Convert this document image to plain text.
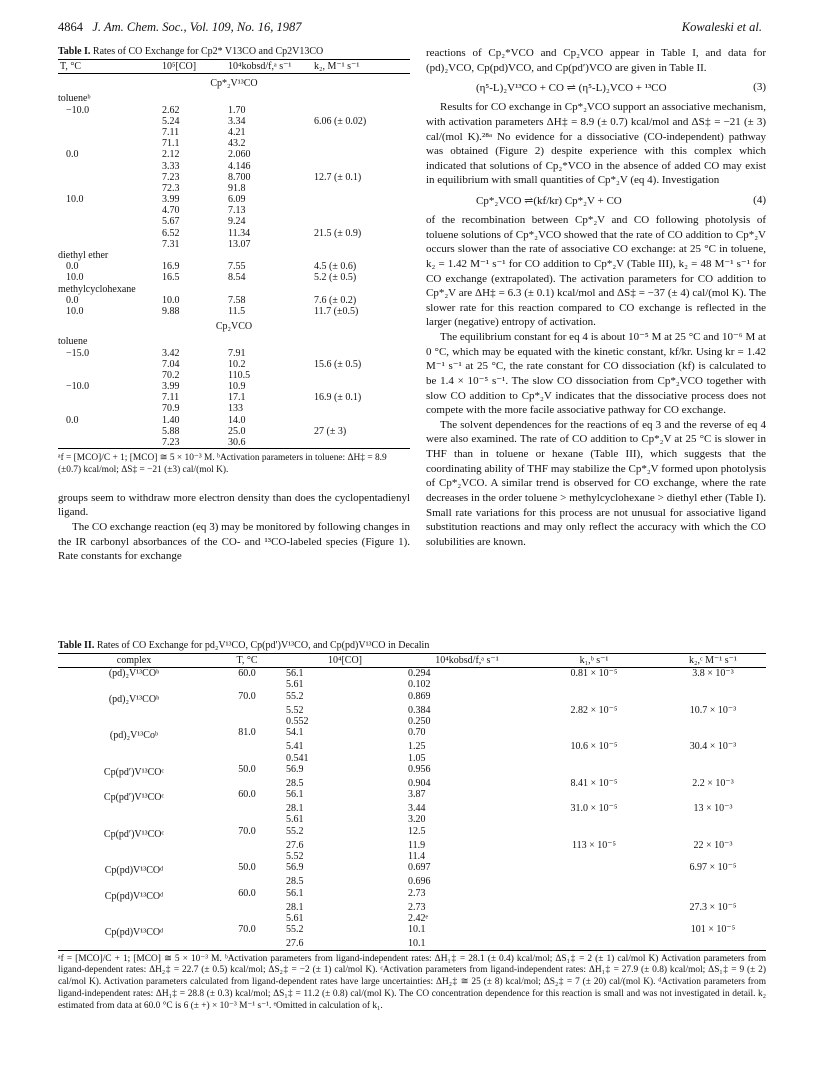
4864 J. Am. Chem. Soc., Vol. 109, No. 16, 1987	Kowaleski et al.

Table I. Rates of CO Exchange for Cp2* V13CO and Cp2V13CO

T, °C	10⁵[CO]	10⁴kobsd/f,ᵃ s⁻¹	k₂, M⁻¹ s⁻¹
Cp*₂V¹³CO			
tolueneᵇ			
−10.0	2.62	1.70	
	5.24	3.34	6.06 (± 0.02)
	7.11	4.21	
	71.1	43.2	
0.0	2.12	2.060	
	3.33	4.146	
	7.23	8.700	12.7 (± 0.1)
	72.3	91.8	
10.0	3.99	6.09	
	4.70	7.13	
	5.67	9.24	
	6.52	11.34	21.5 (± 0.9)
	7.31	13.07	
diethyl ether			
0.0	16.9	7.55	4.5 (± 0.6)
10.0	16.5	8.54	5.2 (± 0.5)
methylcyclohexane			
0.0	10.0	7.58	7.6 (± 0.2)
10.0	9.88	11.5	11.7 (±0.5)
Cp₂VCO			
toluene			
−15.0	3.42	7.91	
	7.04	10.2	15.6 (± 0.5)
	70.2	110.5	
−10.0	3.99	10.9	
	7.11	17.1	16.9 (± 0.1)
	70.9	133	
0.0	1.40	14.0	
	5.88	25.0	27 (± 3)
	7.23	30.6	
ᵃf = [MCO]/C + 1; [MCO] ≅ 5 × 10⁻³ M. ᵇActivation parameters in toluene: ΔH‡ = 8.9 (±0.7) kcal/mol; ΔS‡ = −21 (±3) cal/(mol K).

groups seem to withdraw more electron density than does the cyclopentadienyl ligand.

The CO exchange reaction (eq 3) may be monitored by following changes in the IR carbonyl absorbances of the CO- and ¹³CO-labeled species (Figure 1). Rate constants for exchange

reactions of Cp₂*VCO and Cp₂VCO appear in Table I, and data for (pd)₂VCO, Cp(pd)VCO, and Cp(pd′)VCO are given in Table II.

(η⁵-L)₂V¹³CO + CO ⇌ (η⁵-L)₂VCO + ¹³CO	(3)

Results for CO exchange in Cp*₂VCO support an associative mechanism, with activation parameters ΔH‡ = 8.9 (± 0.7) kcal/mol and ΔS‡ = −21 (± 3) cal/(mol K).²⁸ᵃ No evidence for a dissociative (CO-independent) pathway was obtained (Figure 2) despite experience with this complex which indicated that solutions of Cp₂*VCO in the absence of added CO may exist in equilibrium with small quantities of Cp*₂V (eq 4). Investigation

Cp*₂VCO ⇌(kf/kr) Cp*₂V + CO	(4)

of the recombination between Cp*₂V and CO following photolysis of toluene solutions of Cp*₂VCO showed that the rate of CO addition to Cp*₂V occurs slower than the rate of associative CO exchange: at 25 °C in toluene, k₂ = 1.42 M⁻¹ s⁻¹ for CO addition to Cp*₂V (Table III), k₂ = 48 M⁻¹ s⁻¹ for CO exchange (extrapolated). The activation parameters for CO addition to Cp*₂V are ΔH‡ = 6.3 (± 0.1) kcal/mol and ΔS‡ = −37 (± 4) cal/(mol K). The slower rate for this reaction compared to CO exchange is reflected in the larger (negative) entropy of activation.

The equilibrium constant for eq 4 is about 10⁻⁵ M at 25 °C and 10⁻⁶ M at 0 °C, which may be equated with the kinetic constant, kf/kr. Using kr = 1.42 M⁻¹ s⁻¹ at 25 °C, the rate constant for CO dissociation (kf) is calculated to be 1.4 × 10⁻⁵ s⁻¹. The slow CO dissociation from Cp*₂VCO together with slow CO addition to Cp*₂V indicates that the dissociative process does not compete with the more facile associative pathway for CO exchange.

The solvent dependences for the reactions of eq 3 and the reverse of eq 4 were also examined. The rate of CO addition to Cp*₂V at 25 °C is slower in THF than in toluene or hexane (Table III), which suggests that the coordinating ability of THF may stabilize the Cp*₂V formed upon photolysis of Cp*₂VCO. A similar trend is observed for CO exchange, where the rate decreases in the order toluene > methylcyclohexane > diethyl ether (Table I). Small rate variations for this process are not unusual for associative ligand substitution reactions and may only reflect the accuracy with which the CO solubilities are known.

Table II. Rates of CO Exchange for pd₂V¹³CO, Cp(pd′)V¹³CO, and Cp(pd)V¹³CO in Decalin

complex	T, °C	10⁴[CO]	10⁴kobsd/f,ᵃ s⁻¹	k₁,ᵇ s⁻¹	k₂,ᶜ M⁻¹ s⁻¹
(pd)₂V¹³COᵇ	60.0	56.1	0.294	0.81 × 10⁻⁵	3.8 × 10⁻³
		5.61	0.102		
(pd)₂V¹³COᵇ	70.0	55.2	0.869		
		5.52	0.384	2.82 × 10⁻⁵	10.7 × 10⁻³
		0.552	0.250		
(pd)₂V¹³Coᵇ	81.0	54.1	0.70		
		5.41	1.25	10.6 × 10⁻⁵	30.4 × 10⁻³
		0.541	1.05		
Cp(pd′)V¹³COᶜ	50.0	56.9	0.956		
		28.5	0.904	8.41 × 10⁻⁵	2.2 × 10⁻³
Cp(pd′)V¹³COᶜ	60.0	56.1	3.87		
		28.1	3.44	31.0 × 10⁻⁵	13 × 10⁻³
		5.61	3.20		
Cp(pd′)V¹³COᶜ	70.0	55.2	12.5		
		27.6	11.9	113 × 10⁻⁵	22 × 10⁻³
		5.52	11.4		
Cp(pd)V¹³COᵈ	50.0	56.9	0.697		6.97 × 10⁻⁵
		28.5	0.696		
Cp(pd)V¹³COᵈ	60.0	56.1	2.73		
		28.1	2.73		27.3 × 10⁻⁵
		5.61	2.42ᵉ		
Cp(pd)V¹³COᵈ	70.0	55.2	10.1		101 × 10⁻⁵
		27.6	10.1		
ᵃf = [MCO]/C + 1; [MCO] ≅ 5 × 10⁻³ M. ᵇActivation parameters from ligand-independent rates: ΔH₁‡ = 28.1 (± 0.4) kcal/mol; ΔS₁‡ = 2 (± 1) cal/mol K) Activation parameters from ligand-dependent rates: ΔH₂‡ = 22.7 (± 0.5) kcal/mol; ΔS₂‡ = −2 (± 1) cal/mol K). ᶜActivation parameters from ligand-independent rates: ΔH₁‡ = 27.9 (± 0.8) kcal/mol; ΔS₁‡ = 9 (± 2) cal/mol K). Activation parameters calculated from ligand-dependent rates have large uncertainties: ΔH₂‡ ≅ 25 (± 8) kcal/mol; ΔS₂‡ = 7 (± 20) cal/(mol K). ᵈActivation parameters from ligand-independent rates: ΔH₁‡ = 28.8 (± 0.3) kcal/mol; ΔS₁‡ = 11.2 (± 0.8) cal/(mol K). The CO concentration dependence for this reaction is small and was not investigated in detail. k₂ estimated from data at 60.0 °C is 6 (± +) × 10⁻³ M⁻¹ s⁻¹. ᵉOmitted in calculation of k₁.
